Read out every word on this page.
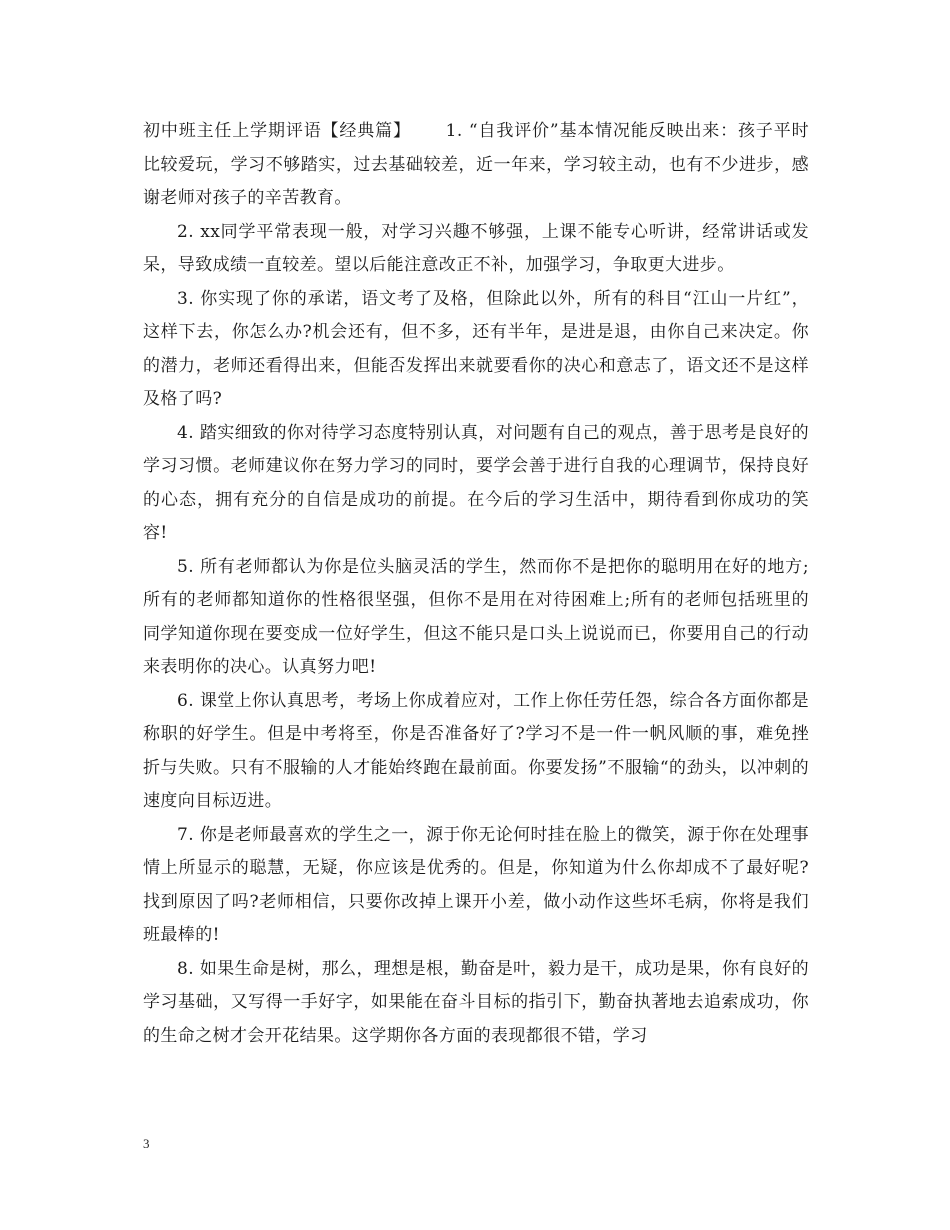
初中班主任上学期评语【经典篇】   1. “自我评价”基本情况能反映出来：孩子平时比较爱玩，学习不够踏实，过去基础较差，近一年来，学习较主动，也有不少进步，感谢老师对孩子的辛苦教育。

2. xx同学平常表现一般，对学习兴趣不够强，上课不能专心听讲，经常讲话或发呆，导致成绩一直较差。望以后能注意改正不补，加强学习，争取更大进步。

3. 你实现了你的承诺，语文考了及格，但除此以外，所有的科目“江山一片红”，这样下去，你怎么办?机会还有，但不多，还有半年，是进是退，由你自己来决定。你的潜力，老师还看得出来，但能否发挥出来就要看你的决心和意志了，语文还不是这样及格了吗?

4. 踏实细致的你对待学习态度特别认真，对问题有自己的观点，善于思考是良好的学习习惯。老师建议你在努力学习的同时，要学会善于进行自我的心理调节，保持良好的心态，拥有充分的自信是成功的前提。在今后的学习生活中，期待看到你成功的笑容!

5. 所有老师都认为你是位头脑灵活的学生，然而你不是把你的聪明用在好的地方;所有的老师都知道你的性格很坚强，但你不是用在对待困难上;所有的老师包括班里的同学知道你现在要变成一位好学生，但这不能只是口头上说说而已，你要用自己的行动来表明你的决心。认真努力吧!

6. 课堂上你认真思考，考场上你成着应对，工作上你任劳任怨，综合各方面你都是称职的好学生。但是中考将至，你是否准备好了?学习不是一件一帆风顺的事，难免挫折与失败。只有不服输的人才能始终跑在最前面。你要发扬”不服输“的劲头，以冲刺的速度向目标迈进。

7. 你是老师最喜欢的学生之一，源于你无论何时挂在脸上的微笑，源于你在处理事情上所显示的聪慧，无疑，你应该是优秀的。但是，你知道为什么你却成不了最好呢?找到原因了吗?老师相信，只要你改掉上课开小差，做小动作这些坏毛病，你将是我们班最棒的!

8. 如果生命是树，那么，理想是根，勤奋是叶，毅力是干，成功是果，你有良好的学习基础，又写得一手好字，如果能在奋斗目标的指引下，勤奋执著地去追索成功，你的生命之树才会开花结果。这学期你各方面的表现都很不错，学习

3
